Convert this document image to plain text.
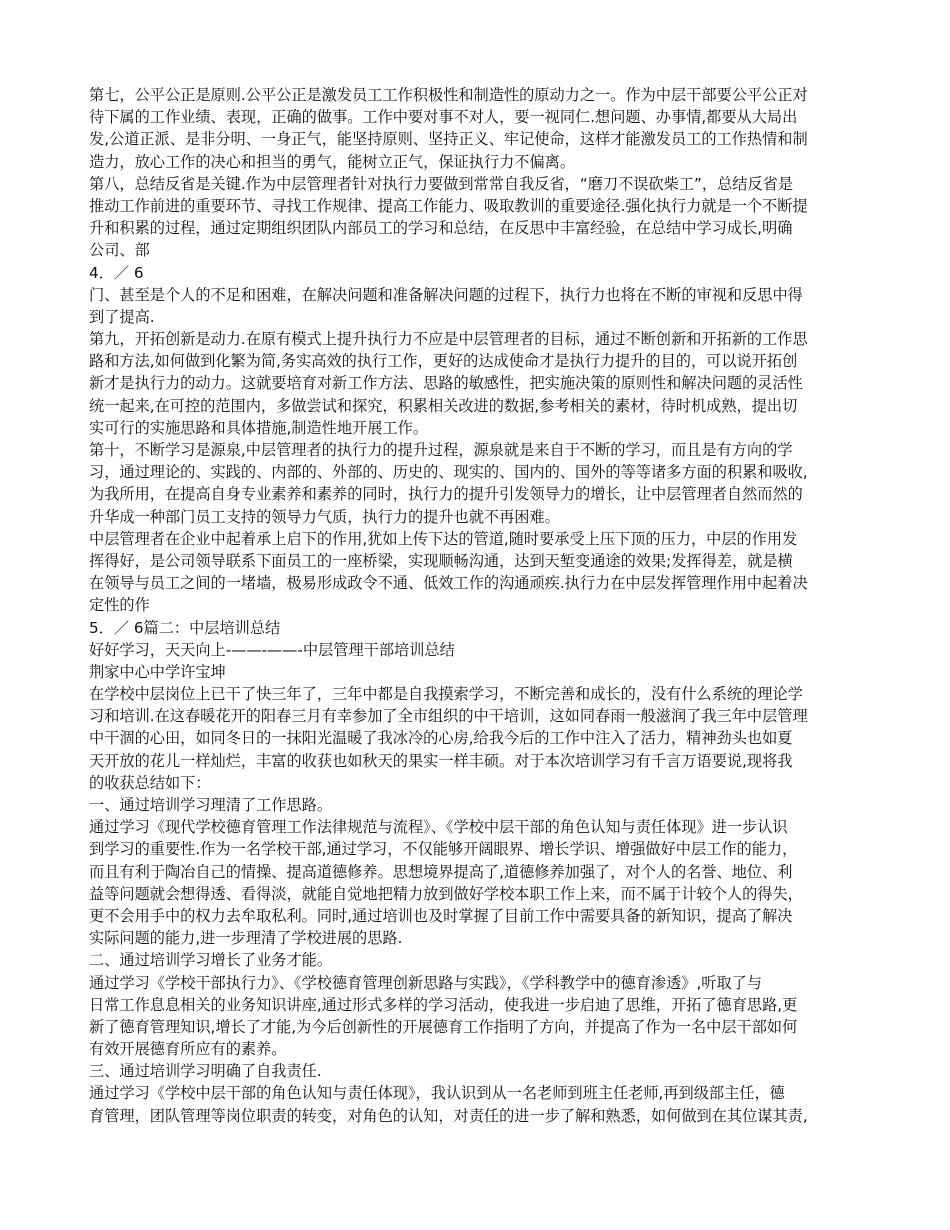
第七，公平公正是原则.公平公正是激发员工工作积极性和制造性的原动力之一。作为中层干部要公平公正对
待下属的工作业绩、表现，正确的做事。工作中要对事不对人，要一视同仁.想问题、办事情,都要从大局出
发,公道正派、是非分明、一身正气，能坚持原则、坚持正义、牢记使命，这样才能激发员工的工作热情和制
造力，放心工作的决心和担当的勇气，能树立正气，保证执行力不偏离。
第八，总结反省是关键.作为中层管理者针对执行力要做到常常自我反省，“磨刀不误砍柴工”，总结反省是
推动工作前进的重要环节、寻找工作规律、提高工作能力、吸取教训的重要途径.强化执行力就是一个不断提
升和积累的过程，通过定期组织团队内部员工的学习和总结，在反思中丰富经验，在总结中学习成长,明确
公司、部
4．／ 6
门、甚至是个人的不足和困难，在解决问题和准备解决问题的过程下，执行力也将在不断的审视和反思中得
到了提高.
第九，开拓创新是动力.在原有模式上提升执行力不应是中层管理者的目标，通过不断创新和开拓新的工作思
路和方法,如何做到化繁为简,务实高效的执行工作，更好的达成使命才是执行力提升的目的，可以说开拓创
新才是执行力的动力。这就要培育对新工作方法、思路的敏感性，把实施决策的原则性和解决问题的灵活性
统一起来,在可控的范围内，多做尝试和探究，积累相关改进的数据,参考相关的素材，待时机成熟，提出切
实可行的实施思路和具体措施,制造性地开展工作。
第十，不断学习是源泉,中层管理者的执行力的提升过程，源泉就是来自于不断的学习，而且是有方向的学
习，通过理论的、实践的、内部的、外部的、历史的、现实的、国内的、国外的等等诸多方面的积累和吸收,
为我所用，在提高自身专业素养和素养的同时，执行力的提升引发领导力的增长，让中层管理者自然而然的
升华成一种部门员工支持的领导力气质，执行力的提升也就不再困难。
中层管理者在企业中起着承上启下的作用,犹如上传下达的管道,随时要承受上压下顶的压力，中层的作用发
挥得好，是公司领导联系下面员工的一座桥梁，实现顺畅沟通，达到天堑变通途的效果;发挥得差，就是横
在领导与员工之间的一堵墙，极易形成政令不通、低效工作的沟通顽疾.执行力在中层发挥管理作用中起着决
定性的作
5．／ 6篇二：中层培训总结
好好学习，天天向上-——-——-中层管理干部培训总结
荆家中心中学许宝坤
在学校中层岗位上已干了快三年了，三年中都是自我摸索学习，不断完善和成长的，没有什么系统的理论学
习和培训.在这春暖花开的阳春三月有幸参加了全市组织的中干培训，这如同春雨一般滋润了我三年中层管理
中干涸的心田，如同冬日的一抹阳光温暖了我冰冷的心房,给我今后的工作中注入了活力，精神劲头也如夏
天开放的花儿一样灿烂，丰富的收获也如秋天的果实一样丰硕。对于本次培训学习有千言万语要说,现将我
的收获总结如下：
一、通过培训学习理清了工作思路。
通过学习《现代学校德育管理工作法律规范与流程》、《学校中层干部的角色认知与责任体现》进一步认识
到学习的重要性.作为一名学校干部,通过学习，不仅能够开阔眼界、增长学识、增强做好中层工作的能力，
而且有利于陶冶自己的情操、提高道德修养。思想境界提高了,道德修养加强了，对个人的名誉、地位、利
益等问题就会想得透、看得淡，就能自觉地把精力放到做好学校本职工作上来，而不属于计较个人的得失，
更不会用手中的权力去牟取私利。同时,通过培训也及时掌握了目前工作中需要具备的新知识，提高了解决
实际问题的能力,进一步理清了学校进展的思路.
二、通过培训学习增长了业务才能。
通过学习《学校干部执行力》、《学校德育管理创新思路与实践》，《学科教学中的德育渗透》,听取了与
日常工作息息相关的业务知识讲座,通过形式多样的学习活动，使我进一步启迪了思维，开拓了德育思路,更
新了德育管理知识,增长了才能,为今后创新性的开展德育工作指明了方向，并提高了作为一名中层干部如何
有效开展德育所应有的素养。
三、通过培训学习明确了自我责任.
通过学习《学校中层干部的角色认知与责任体现》，我认识到从一名老师到班主任老师,再到级部主任，德
育管理，团队管理等岗位职责的转变，对角色的认知，对责任的进一步了解和熟悉，如何做到在其位谋其责,
